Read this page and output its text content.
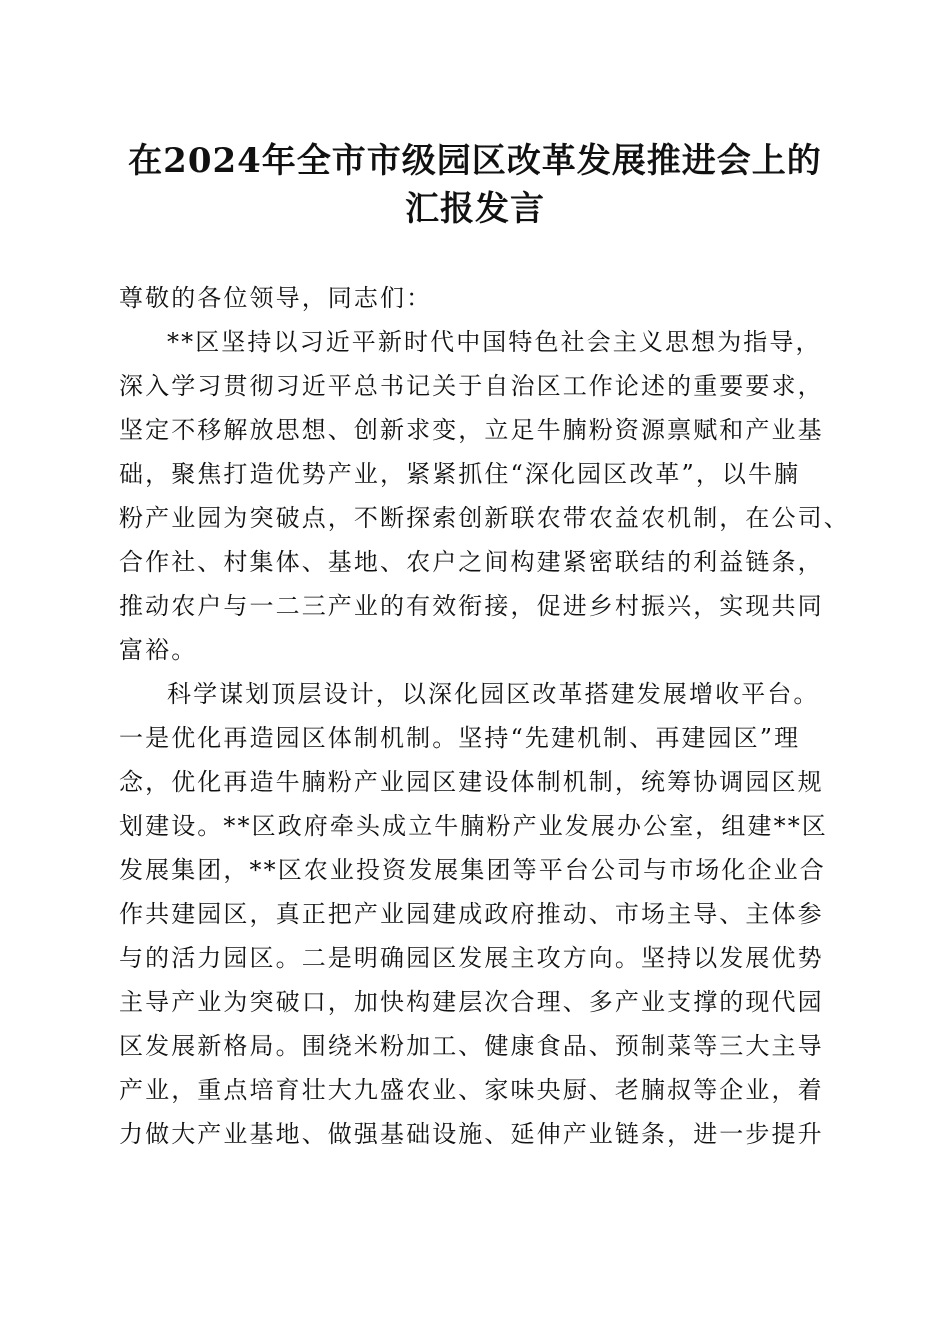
在2024年全市市级园区改革发展推进会上的
汇报发言
尊敬的各位领导，同志们：
**区坚持以习近平新时代中国特色社会主义思想为指导，
深入学习贯彻习近平总书记关于自治区工作论述的重要要求，
坚定不移解放思想、创新求变，立足牛腩粉资源禀赋和产业基
础，聚焦打造优势产业，紧紧抓住“深化园区改革”，以牛腩
粉产业园为突破点，不断探索创新联农带农益农机制，在公司、
合作社、村集体、基地、农户之间构建紧密联结的利益链条，
推动农户与一二三产业的有效衔接，促进乡村振兴，实现共同
富裕。
科学谋划顶层设计，以深化园区改革搭建发展增收平台。
一是优化再造园区体制机制。坚持“先建机制、再建园区”理
念，优化再造牛腩粉产业园区建设体制机制，统筹协调园区规
划建设。**区政府牵头成立牛腩粉产业发展办公室，组建**区
发展集团，**区农业投资发展集团等平台公司与市场化企业合
作共建园区，真正把产业园建成政府推动、市场主导、主体参
与的活力园区。二是明确园区发展主攻方向。坚持以发展优势
主导产业为突破口，加快构建层次合理、多产业支撑的现代园
区发展新格局。围绕米粉加工、健康食品、预制菜等三大主导
产业，重点培育壮大九盛农业、家味央厨、老腩叔等企业，着
力做大产业基地、做强基础设施、延伸产业链条，进一步提升
